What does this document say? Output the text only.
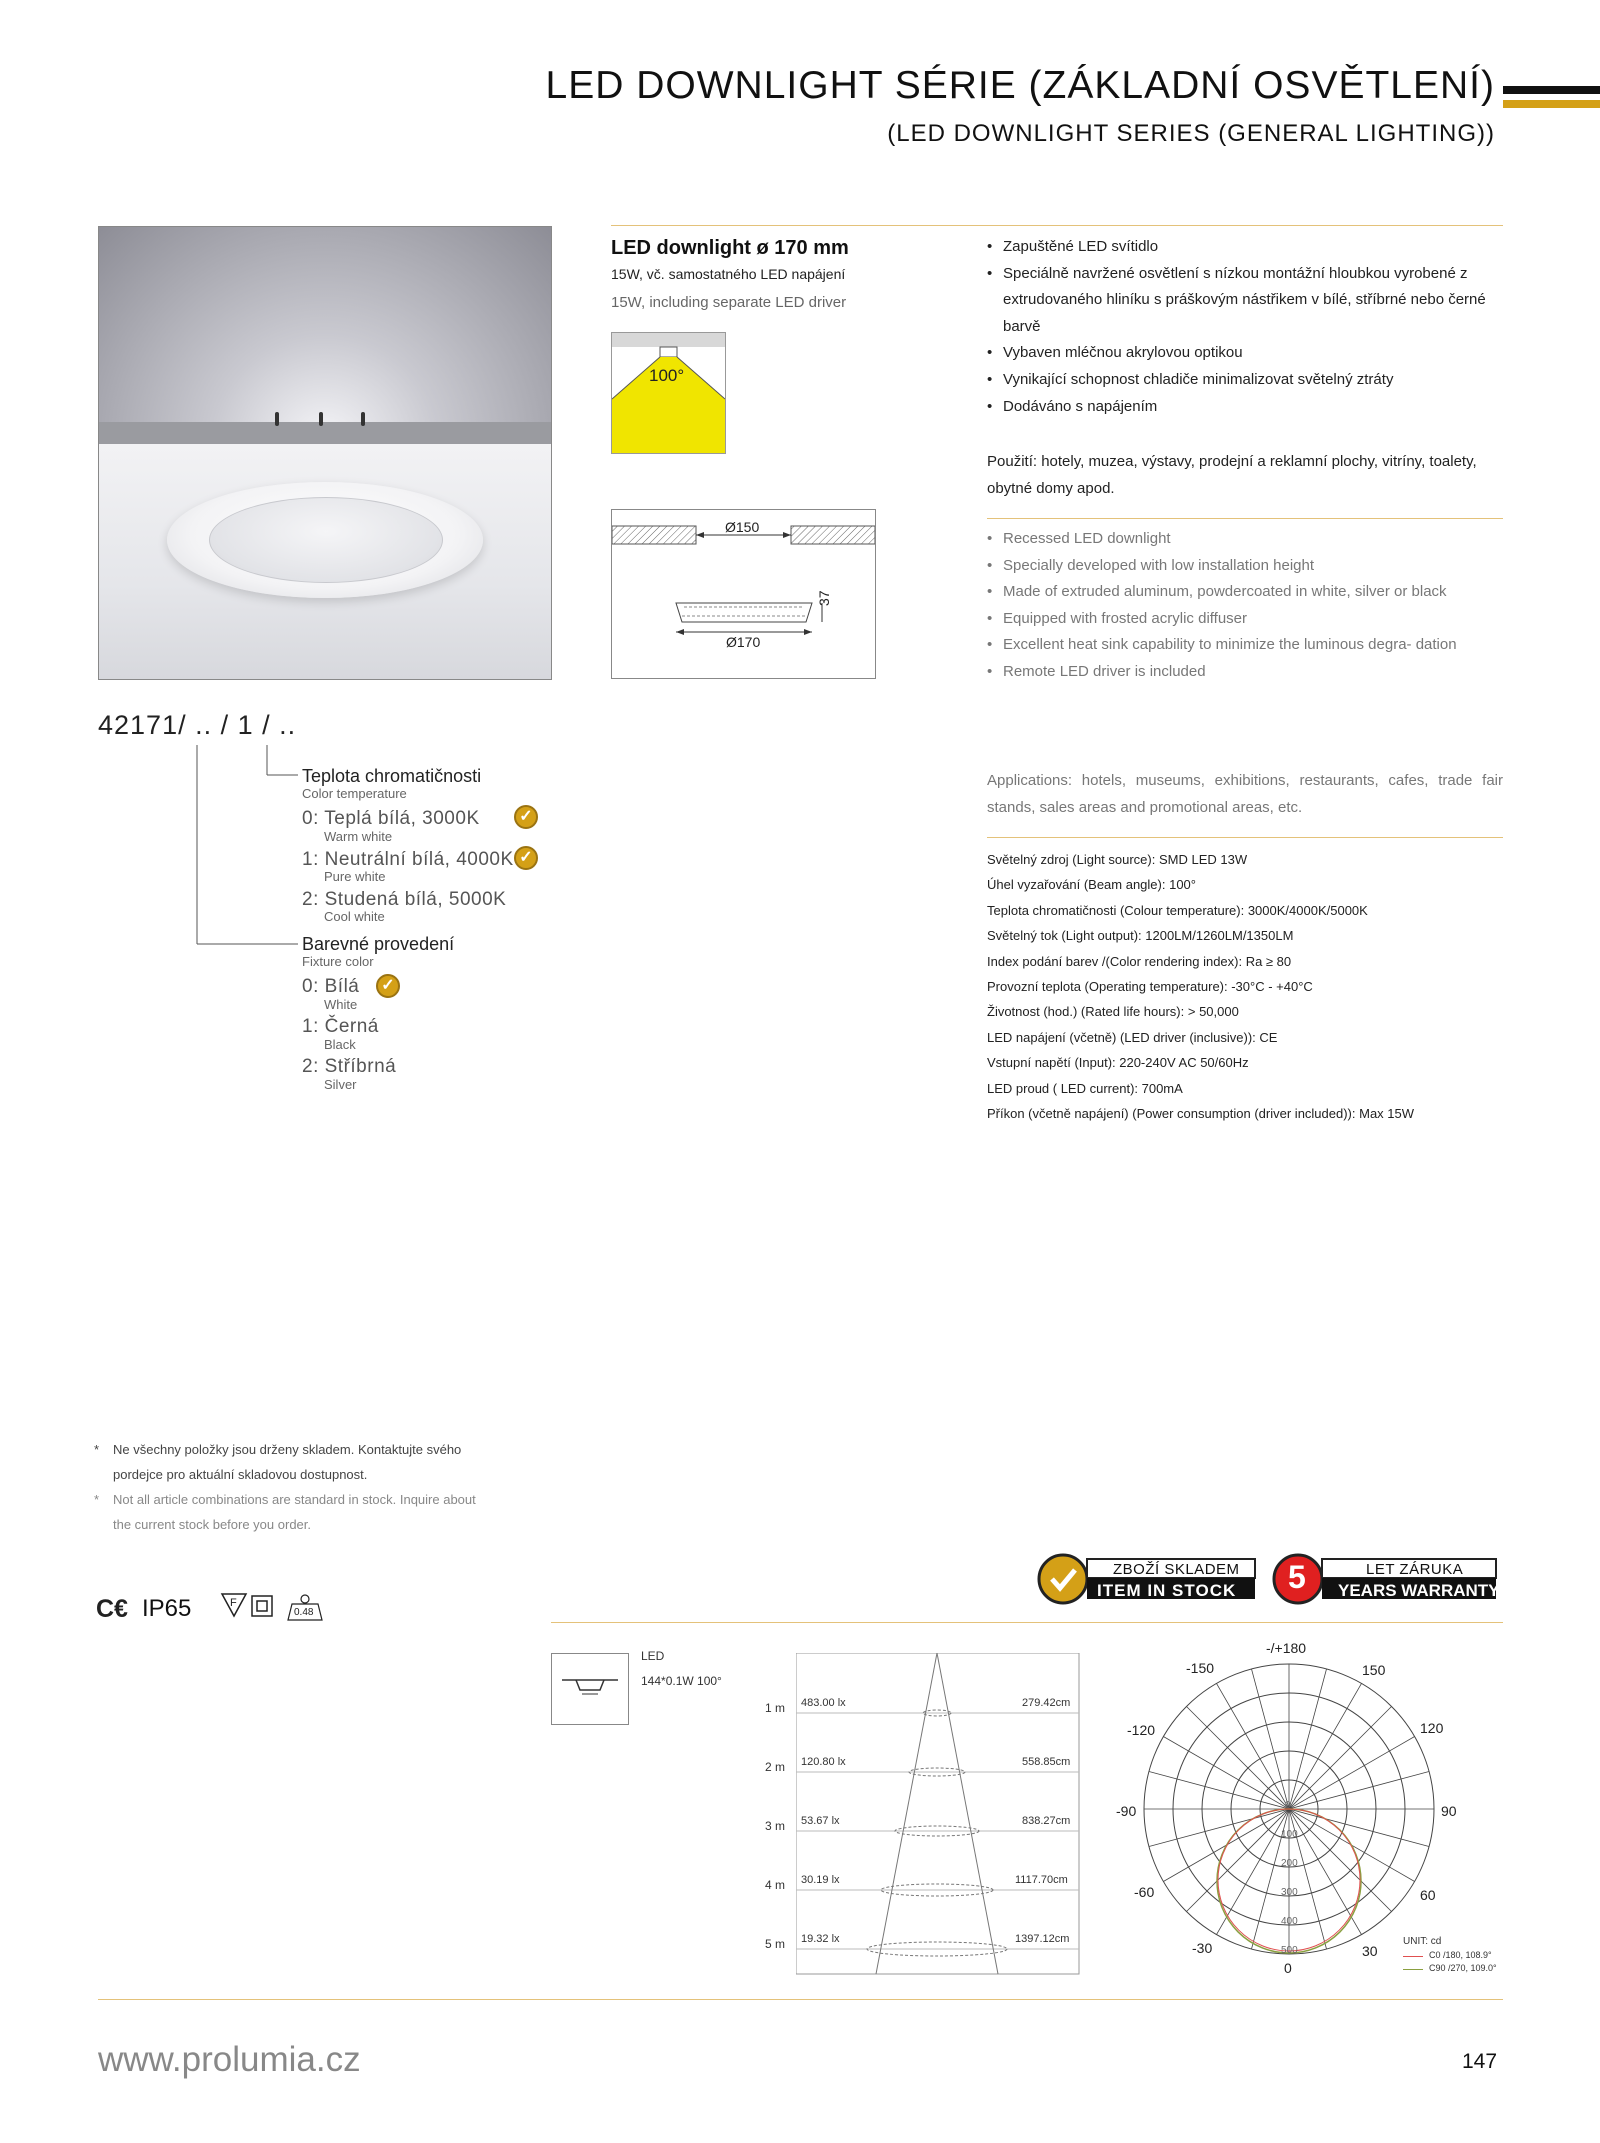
LED DOWNLIGHT SÉRIE (ZÁKLADNÍ OSVĚTLENÍ)
(LED DOWNLIGHT SERIES (GENERAL LIGHTING))
42171/ .. / 1 / ..
Teplota chromatičnosti
Color temperature
0: Teplá bílá, 3000K
Warm white
✓
1: Neutrální bílá, 4000K
Pure white
✓
2: Studená bílá, 5000K
Cool white
Barevné provedení
Fixture color
0: Bílá
White
✓
1: Černá
Black
2: Stříbrná
Silver
LED downlight ø 170 mm
15W, vč. samostatného LED napájení
15W, including separate LED driver
100°
Ø150
Ø170
37
• Zapuštěné LED svítidlo
• Speciálně navržené osvětlení s nízkou montážní hloubkou vyrobené z extrudovaného hliníku s práškovým nástřikem v bílé, stříbrné nebo černé barvě
• Vybaven mléčnou akrylovou optikou
• Vynikající schopnost chladiče minimalizovat světelný ztráty
• Dodáváno s napájením
Použití: hotely, muzea, výstavy, prodejní a reklamní plochy, vitríny, toalety, obytné domy apod.
• Recessed LED downlight
• Specially developed with low installation height
• Made of extruded aluminum, powdercoated in white, silver or black
• Equipped with frosted acrylic diffuser
• Excellent heat sink capability to minimize the luminous degra- dation
• Remote LED driver is included
Applications: hotels, museums, exhibitions, restaurants, cafes, trade fair stands, sales areas and promotional areas, etc.
Světelný zdroj (Light source): SMD LED 13W
Úhel vyzařování (Beam angle): 100°
Teplota chromatičnosti (Colour temperature): 3000K/4000K/5000K
Světelný tok (Light output): 1200LM/1260LM/1350LM
Index podání barev /(Color rendering index): Ra ≥ 80
Provozní teplota (Operating temperature): -30°C - +40°C
Životnost (hod.) (Rated life hours): > 50,000
LED napájení (včetně) (LED driver (inclusive)): CE
Vstupní napětí (Input): 220-240V AC 50/60Hz
LED proud ( LED current): 700mA
Příkon (včetně napájení) (Power consumption (driver included)): Max 15W
* Ne všechny položky jsou drženy skladem. Kontaktujte svého
pordejce pro aktuální skladovou dostupnost.
* Not all article combinations are standard in stock. Inquire about
the current stock before you order.
C€ IP65	F
0.48
ZBOŽÍ SKLADEM
ITEM IN STOCK 5	LET ZÁRUKA
YEARS WARRANTY
LED
144*0.1W 100°
1 m 483.00 lx	279.42cm
2 m 120.80 lx	558.85cm
3 m 53.67 lx	838.27cm
4 m 30.19 lx	1117.70cm
5 m 19.32 lx	1397.12cm
-/+180
-150	150
-120	120
-90	90
-60	60
-30	30
0
0
100
200
300
400
500
UNIT: cd
C0 /180, 108.9°
C90 /270, 109.0°
www.prolumia.cz	147
